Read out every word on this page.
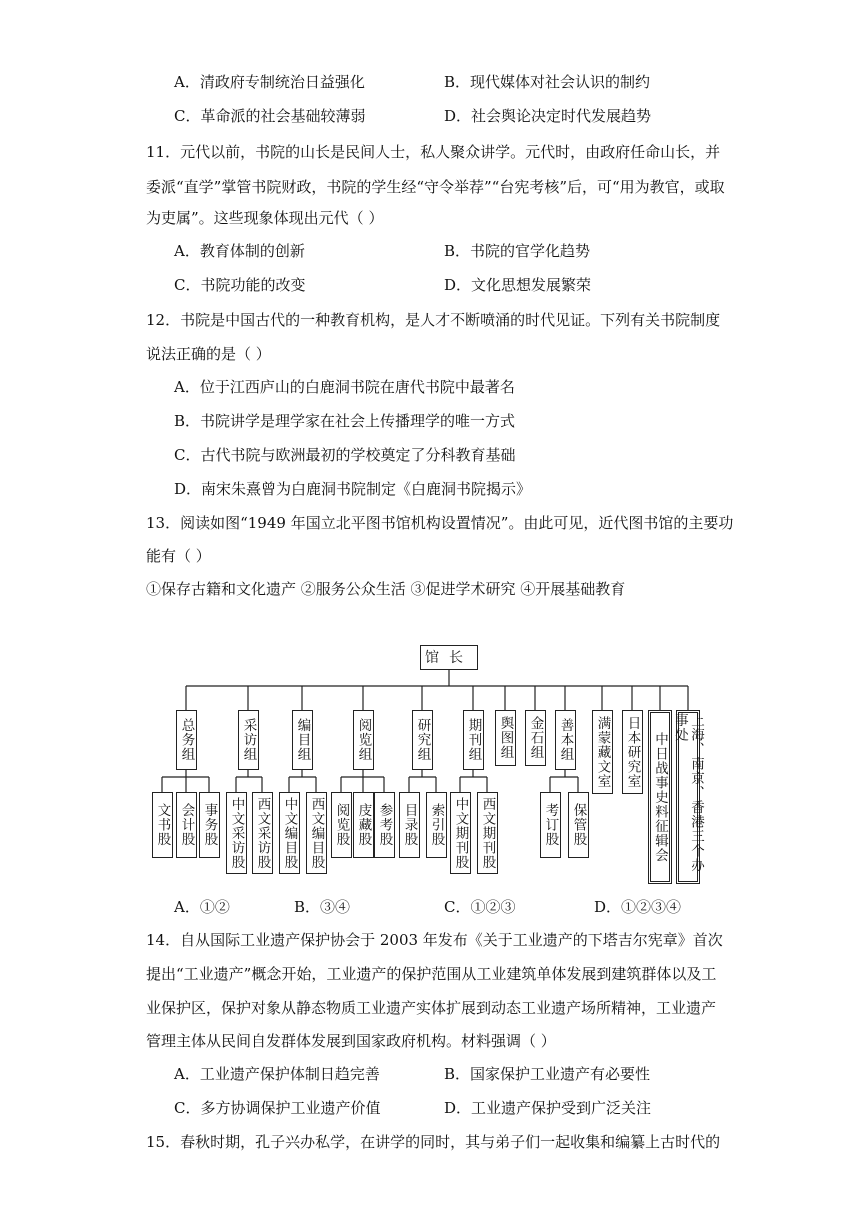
A．清政府专制统治日益强化	B．现代媒体对社会认识的制约
C．革命派的社会基础较薄弱	D．社会舆论决定时代发展趋势
11．元代以前，书院的山长是民间人士，私人聚众讲学。元代时，由政府任命山长，并
委派“直学”掌管书院财政，书院的学生经“守令举荐”“台宪考核”后，可“用为教官，或取
为吏属”。这些现象体现出元代（ ）
A．教育体制的创新	B．书院的官学化趋势
C．书院功能的改变	D．文化思想发展繁荣
12．书院是中国古代的一种教育机构，是人才不断喷涌的时代见证。下列有关书院制度
说法正确的是（ ）
A．位于江西庐山的白鹿洞书院在唐代书院中最著名
B．书院讲学是理学家在社会上传播理学的唯一方式
C．古代书院与欧洲最初的学校奠定了分科教育基础
D．南宋朱熹曾为白鹿洞书院制定《白鹿洞书院揭示》
13．阅读如图“1949 年国立北平图书馆机构设置情况”。由此可见，近代图书馆的主要功
能有（ ）
①保存古籍和文化遗产 ②服务公众生活 ③促进学术研究 ④开展基础教育
馆长
总务组	采访组	编目组	阅览组	研究组	期刊组 舆图组 金石组 善本组 满蒙藏文室 日本研究室 中日战事史料征辑会	上海、南京、香港三个办事处
文书股 会计股 事务股 中文采访股 西文采访股 中文编目股 西文编目股 阅览股 庋藏股 参考股 目录股 索引股 中文期刊股 西文期刊股	考订股 保管股
A．①②	B．③④	C．①②③	D．①②③④
14．自从国际工业遗产保护协会于 2003 年发布《关于工业遗产的下塔吉尔宪章》首次
提出“工业遗产”概念开始，工业遗产的保护范围从工业建筑单体发展到建筑群体以及工
业保护区，保护对象从静态物质工业遗产实体扩展到动态工业遗产场所精神，工业遗产
管理主体从民间自发群体发展到国家政府机构。材料强调（ ）
A．工业遗产保护体制日趋完善	B．国家保护工业遗产有必要性
C．多方协调保护工业遗产价值	D．工业遗产保护受到广泛关注
15．春秋时期，孔子兴办私学，在讲学的同时，其与弟子们一起收集和编纂上古时代的
